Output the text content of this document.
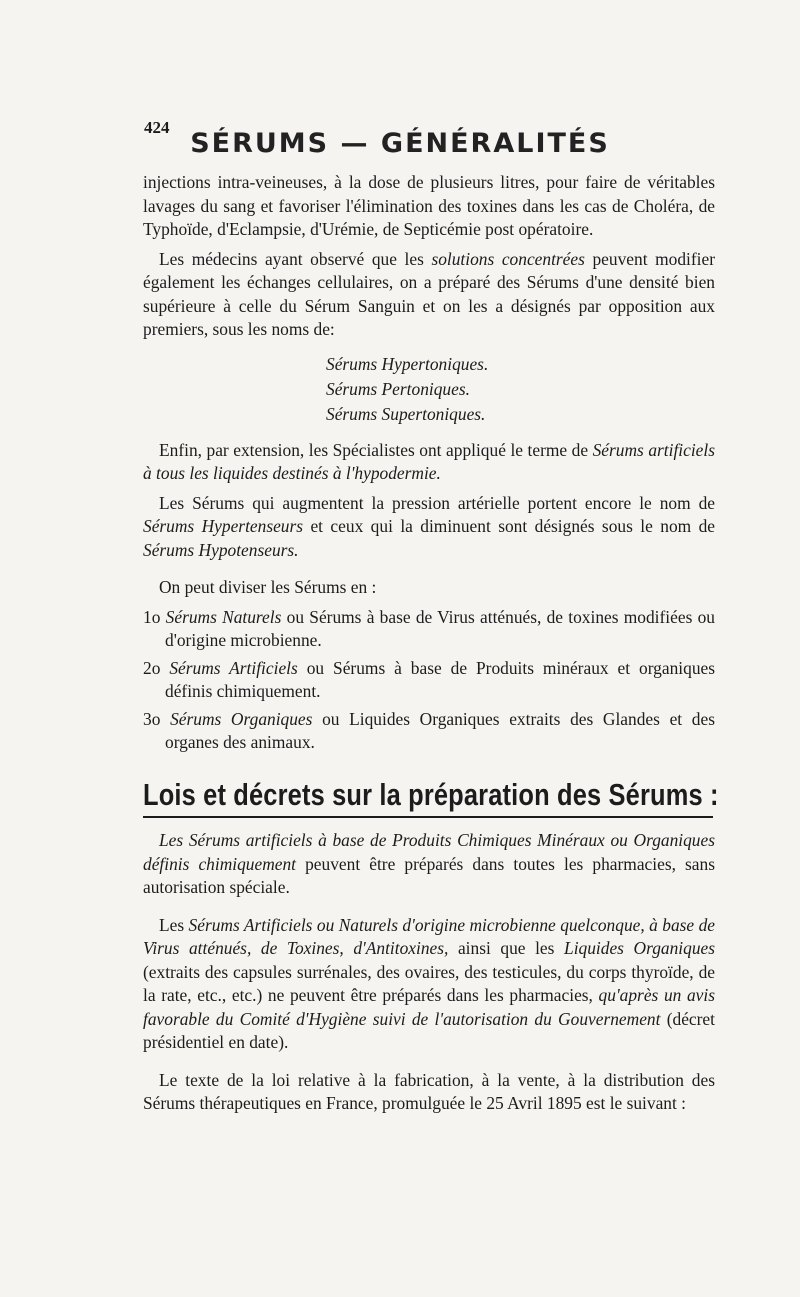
424
SÉRUMS — GÉNÉRALITÉS

injections intra-veineuses, à la dose de plusieurs litres, pour faire de véritables lavages du sang et favoriser l'élimination des toxines dans les cas de Choléra, de Typhoïde, d'Eclampsie, d'Urémie, de Septicémie post opératoire.

Les médecins ayant observé que les solutions concentrées peuvent modifier également les échanges cellulaires, on a préparé des Sérums d'une densité bien supérieure à celle du Sérum Sanguin et on les a désignés par opposition aux premiers, sous les noms de:

Sérums Hypertoniques.
Sérums Pertoniques.
Sérums Supertoniques.

Enfin, par extension, les Spécialistes ont appliqué le terme de Sérums artificiels à tous les liquides destinés à l'hypodermie.

Les Sérums qui augmentent la pression artérielle portent encore le nom de Sérums Hypertenseurs et ceux qui la diminuent sont désignés sous le nom de Sérums Hypotenseurs.

On peut diviser les Sérums en :

1o Sérums Naturels ou Sérums à base de Virus atténués, de toxines modifiées ou d'origine microbienne.

2o Sérums Artificiels ou Sérums à base de Produits minéraux et organiques définis chimiquement.

3o Sérums Organiques ou Liquides Organiques extraits des Glandes et des organes des animaux.

Lois et décrets sur la préparation des Sérums :

Les Sérums artificiels à base de Produits Chimiques Minéraux ou Organiques définis chimiquement peuvent être préparés dans toutes les pharmacies, sans autorisation spéciale.

Les Sérums Artificiels ou Naturels d'origine microbienne quelconque, à base de Virus atténués, de Toxines, d'Antitoxines, ainsi que les Liquides Organiques (extraits des capsules surrénales, des ovaires, des testicules, du corps thyroïde, de la rate, etc., etc.) ne peuvent être préparés dans les pharmacies, qu'après un avis favorable du Comité d'Hygiène suivi de l'autorisation du Gouvernement (décret présidentiel en date).

Le texte de la loi relative à la fabrication, à la vente, à la distribution des Sérums thérapeutiques en France, promulguée le 25 Avril 1895 est le suivant :
